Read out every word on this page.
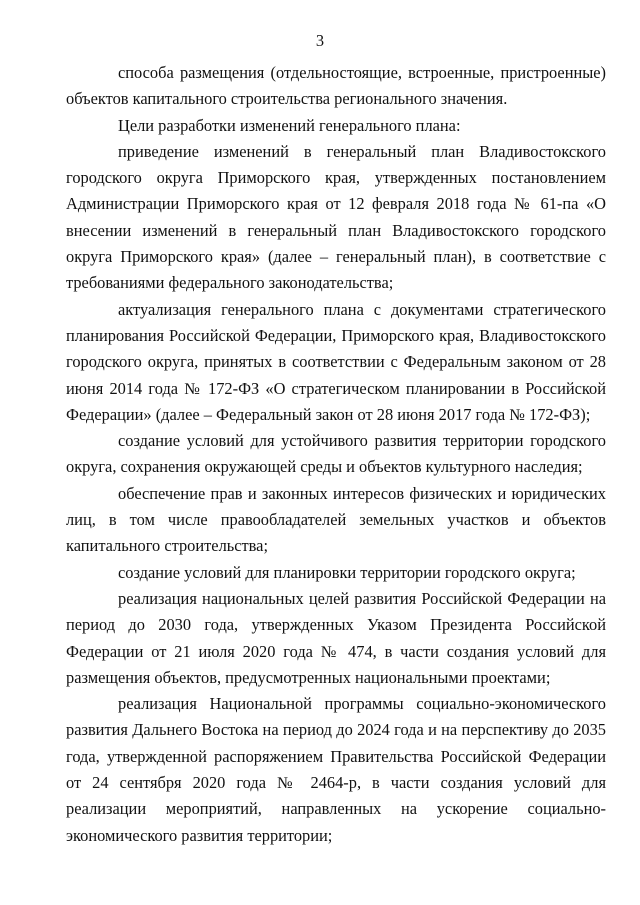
3

способа размещения (отдельностоящие, встроенные, пристроенные) объектов капитального строительства регионального значения.

Цели разработки изменений генерального плана:

приведение изменений в генеральный план Владивостокского городского округа Приморского края, утвержденных постановлением Администрации Приморского края от 12 февраля 2018 года № 61-па «О внесении изменений в генеральный план Владивостокского городского округа Приморского края» (далее – генеральный план), в соответствие с требованиями федерального законодательства;

актуализация генерального плана с документами стратегического планирования Российской Федерации, Приморского края, Владивостокского городского округа, принятых в соответствии с Федеральным законом от 28 июня 2014 года № 172-ФЗ «О стратегическом планировании в Российской Федерации» (далее – Федеральный закон от 28 июня 2017 года № 172-ФЗ);

создание условий для устойчивого развития территории городского округа, сохранения окружающей среды и объектов культурного наследия;

обеспечение прав и законных интересов физических и юридических лиц, в том числе правообладателей земельных участков и объектов капитального строительства;

создание условий для планировки территории городского округа;

реализация национальных целей развития Российской Федерации на период до 2030 года, утвержденных Указом Президента Российской Федерации от 21 июля 2020 года № 474, в части создания условий для размещения объектов, предусмотренных национальными проектами;

реализация Национальной программы социально-экономического развития Дальнего Востока на период до 2024 года и на перспективу до 2035 года, утвержденной распоряжением Правительства Российской Федерации от 24 сентября 2020 года № 2464-р, в части создания условий для реализации мероприятий, направленных на ускорение социально-экономического развития территории;
